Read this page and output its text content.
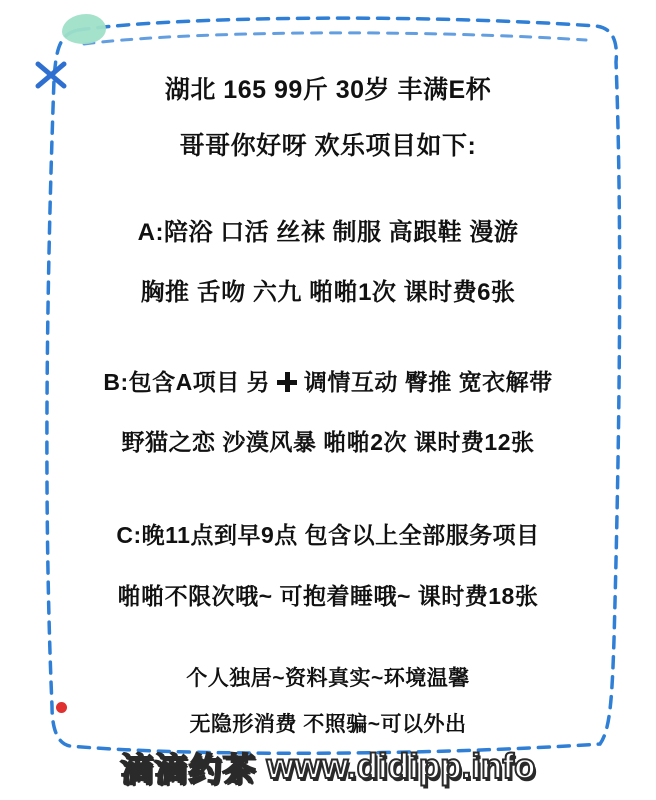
湖北 165 99斤 30岁 丰满E杯
哥哥你好呀 欢乐项目如下:
A:陪浴 口活 丝袜 制服 高跟鞋 漫游
胸推 舌吻 六九 啪啪1次 课时费6张
B:包含A项目 另 调情互动 臀推 宽衣解带
野猫之恋 沙漠风暴 啪啪2次 课时费12张
C:晚11点到早9点 包含以上全部服务项目
啪啪不限次哦~ 可抱着睡哦~ 课时费18张
个人独居~资料真实~环境温馨
无隐形消费 不照骗~可以外出
滴滴约茶 www.didipp.info
